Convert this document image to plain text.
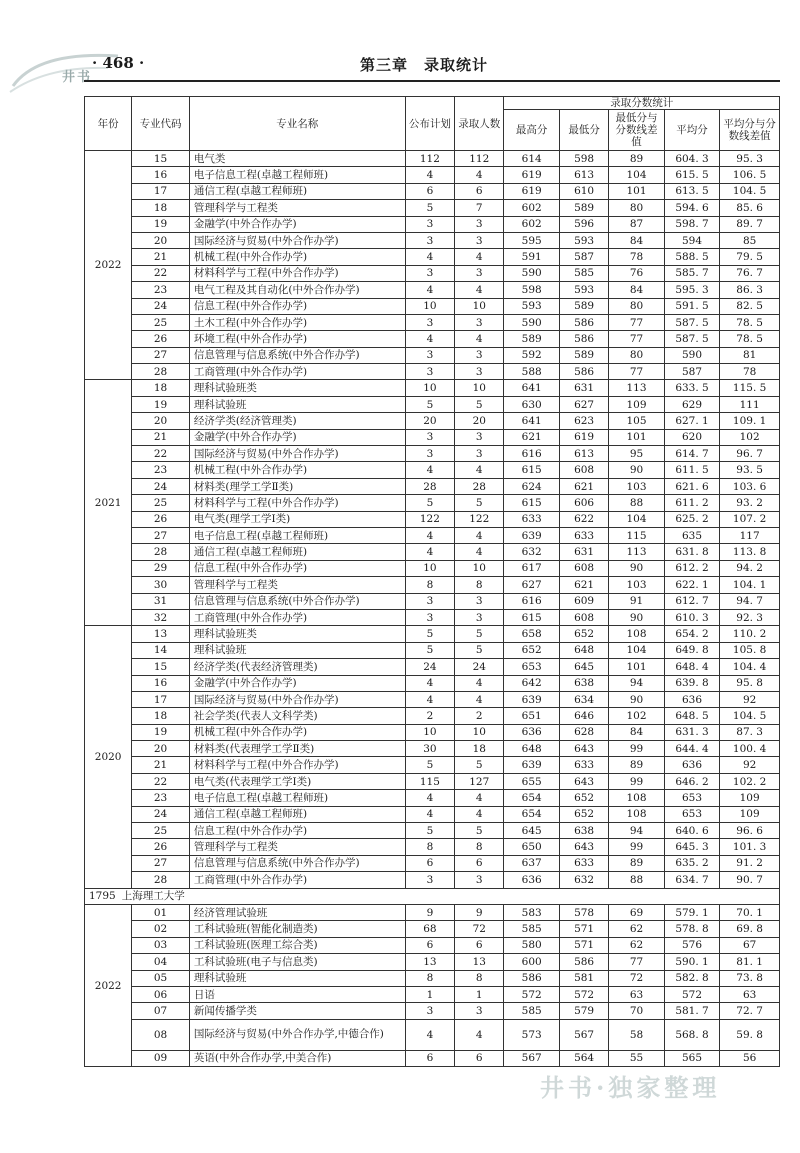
井书
· 468 ·	第三章　录取统计
年份	专业代码	专业名称	公布计划	录取人数	录取分数统计				
					最高分	最低分	最低分与分数线差值	平均分	平均分与分数线差值
2022	15	电气类	112	112	614	598	89	604. 3	95. 3
	16	电子信息工程(卓越工程师班)	4	4	619	613	104	615. 5	106. 5
	17	通信工程(卓越工程师班)	6	6	619	610	101	613. 5	104. 5
	18	管理科学与工程类	5	7	602	589	80	594. 6	85. 6
	19	金融学(中外合作办学)	3	3	602	596	87	598. 7	89. 7
	20	国际经济与贸易(中外合作办学)	3	3	595	593	84	594	85
	21	机械工程(中外合作办学)	4	4	591	587	78	588. 5	79. 5
	22	材料科学与工程(中外合作办学)	3	3	590	585	76	585. 7	76. 7
	23	电气工程及其自动化(中外合作办学)	4	4	598	593	84	595. 3	86. 3
	24	信息工程(中外合作办学)	10	10	593	589	80	591. 5	82. 5
	25	土木工程(中外合作办学)	3	3	590	586	77	587. 5	78. 5
	26	环境工程(中外合作办学)	4	4	589	586	77	587. 5	78. 5
	27	信息管理与信息系统(中外合作办学)	3	3	592	589	80	590	81
	28	工商管理(中外合作办学)	3	3	588	586	77	587	78
2021	18	理科试验班类	10	10	641	631	113	633. 5	115. 5
	19	理科试验班	5	5	630	627	109	629	111
	20	经济学类(经济管理类)	20	20	641	623	105	627. 1	109. 1
	21	金融学(中外合作办学)	3	3	621	619	101	620	102
	22	国际经济与贸易(中外合作办学)	3	3	616	613	95	614. 7	96. 7
	23	机械工程(中外合作办学)	4	4	615	608	90	611. 5	93. 5
	24	材料类(理学工学Ⅱ类)	28	28	624	621	103	621. 6	103. 6
	25	材料科学与工程(中外合作办学)	5	5	615	606	88	611. 2	93. 2
	26	电气类(理学工学Ⅰ类)	122	122	633	622	104	625. 2	107. 2
	27	电子信息工程(卓越工程师班)	4	4	639	633	115	635	117
	28	通信工程(卓越工程师班)	4	4	632	631	113	631. 8	113. 8
	29	信息工程(中外合作办学)	10	10	617	608	90	612. 2	94. 2
	30	管理科学与工程类	8	8	627	621	103	622. 1	104. 1
	31	信息管理与信息系统(中外合作办学)	3	3	616	609	91	612. 7	94. 7
	32	工商管理(中外合作办学)	3	3	615	608	90	610. 3	92. 3
2020	13	理科试验班类	5	5	658	652	108	654. 2	110. 2
	14	理科试验班	5	5	652	648	104	649. 8	105. 8
	15	经济学类(代表经济管理类)	24	24	653	645	101	648. 4	104. 4
	16	金融学(中外合作办学)	4	4	642	638	94	639. 8	95. 8
	17	国际经济与贸易(中外合作办学)	4	4	639	634	90	636	92
	18	社会学类(代表人文科学类)	2	2	651	646	102	648. 5	104. 5
	19	机械工程(中外合作办学)	10	10	636	628	84	631. 3	87. 3
	20	材料类(代表理学工学Ⅱ类)	30	18	648	643	99	644. 4	100. 4
	21	材料科学与工程(中外合作办学)	5	5	639	633	89	636	92
	22	电气类(代表理学工学Ⅰ类)	115	127	655	643	99	646. 2	102. 2
	23	电子信息工程(卓越工程师班)	4	4	654	652	108	653	109
	24	通信工程(卓越工程师班)	4	4	654	652	108	653	109
	25	信息工程(中外合作办学)	5	5	645	638	94	640. 6	96. 6
	26	管理科学与工程类	8	8	650	643	99	645. 3	101. 3
	27	信息管理与信息系统(中外合作办学)	6	6	637	633	89	635. 2	91. 2
	28	工商管理(中外合作办学)	3	3	636	632	88	634. 7	90. 7
1795 上海理工大学									
2022	01	经济管理试验班	9	9	583	578	69	579. 1	70. 1
	02	工科试验班(智能化制造类)	68	72	585	571	62	578. 8	69. 8
	03	工科试验班(医理工综合类)	6	6	580	571	62	576	67
	04	工科试验班(电子与信息类)	13	13	600	586	77	590. 1	81. 1
	05	理科试验班	8	8	586	581	72	582. 8	73. 8
	06	日语	1	1	572	572	63	572	63
	07	新闻传播学类	3	3	585	579	70	581. 7	72. 7
	08	国际经济与贸易(中外合作办学,中德合作)	4	4	573	567	58	568. 8	59. 8
	09	英语(中外合作办学,中美合作)	6	6	567	564	55	565	56
井书·独家整理
